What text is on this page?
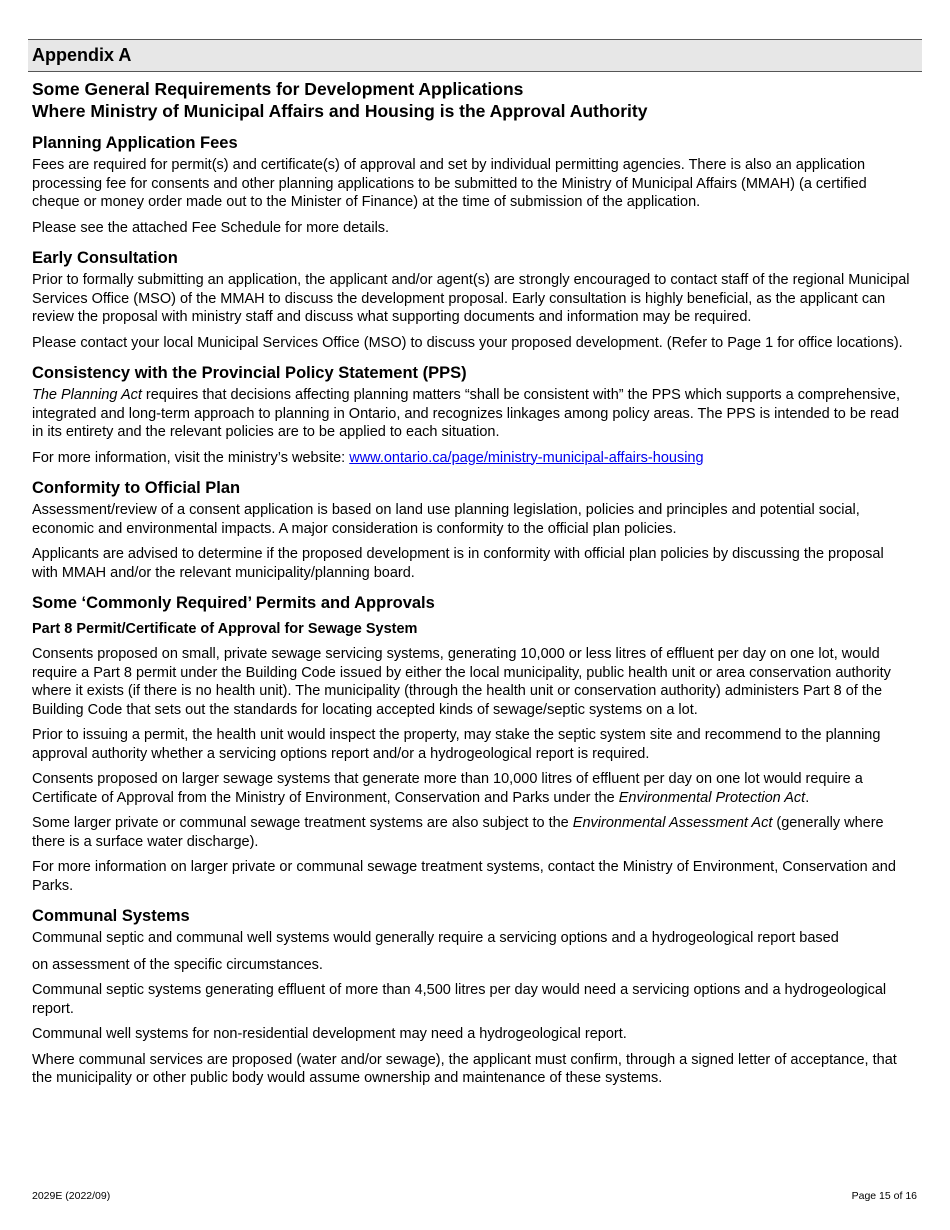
Appendix A
Some General Requirements for Development Applications
Where Ministry of Municipal Affairs and Housing is the Approval Authority
Planning Application Fees

Fees are required for permit(s) and certificate(s) of approval and set by individual permitting agencies. There is also an application processing fee for consents and other planning applications to be submitted to the Ministry of Municipal Affairs (MMAH) (a certified cheque or money order made out to the Minister of Finance) at the time of submission of the application.

Please see the attached Fee Schedule for more details.

Early Consultation

Prior to formally submitting an application, the applicant and/or agent(s) are strongly encouraged to contact staff of the regional Municipal Services Office (MSO) of the MMAH to discuss the development proposal. Early consultation is highly beneficial, as the applicant can review the proposal with ministry staff and discuss what supporting documents and information may be required.

Please contact your local Municipal Services Office (MSO) to discuss your proposed development. (Refer to Page 1 for office locations).

Consistency with the Provincial Policy Statement (PPS)

The Planning Act requires that decisions affecting planning matters “shall be consistent with” the PPS which supports a comprehensive, integrated and long-term approach to planning in Ontario, and recognizes linkages among policy areas. The PPS is intended to be read in its entirety and the relevant policies are to be applied to each situation.

For more information, visit the ministry’s website: www.ontario.ca/page/ministry-municipal-affairs-housing

Conformity to Official Plan

Assessment/review of a consent application is based on land use planning legislation, policies and principles and potential social, economic and environmental impacts. A major consideration is conformity to the official plan policies.

Applicants are advised to determine if the proposed development is in conformity with official plan policies by discussing the proposal with MMAH and/or the relevant municipality/planning board.

Some ‘Commonly Required’ Permits and Approvals
Part 8 Permit/Certificate of Approval for Sewage System

Consents proposed on small, private sewage servicing systems, generating 10,000 or less litres of effluent per day on one lot, would require a Part 8 permit under the Building Code issued by either the local municipality, public health unit or area conservation authority where it exists (if there is no health unit). The municipality (through the health unit or conservation authority) administers Part 8 of the Building Code that sets out the standards for locating accepted kinds of sewage/septic systems on a lot.

Prior to issuing a permit, the health unit would inspect the property, may stake the septic system site and recommend to the planning approval authority whether a servicing options report and/or a hydrogeological report is required.

Consents proposed on larger sewage systems that generate more than 10,000 litres of effluent per day on one lot would require a Certificate of Approval from the Ministry of Environment, Conservation and Parks under the Environmental Protection Act.

Some larger private or communal sewage treatment systems are also subject to the Environmental Assessment Act (generally where there is a surface water discharge).

For more information on larger private or communal sewage treatment systems, contact the Ministry of Environment, Conservation and Parks.

Communal Systems

Communal septic and communal well systems would generally require a servicing options and a hydrogeological report based

on assessment of the specific circumstances.

Communal septic systems generating effluent of more than 4,500 litres per day would need a servicing options and a hydrogeological report.

Communal well systems for non-residential development may need a hydrogeological report.

Where communal services are proposed (water and/or sewage), the applicant must confirm, through a signed letter of acceptance, that the municipality or other public body would assume ownership and maintenance of these systems.

2029E (2022/09)	Page 15 of 16
